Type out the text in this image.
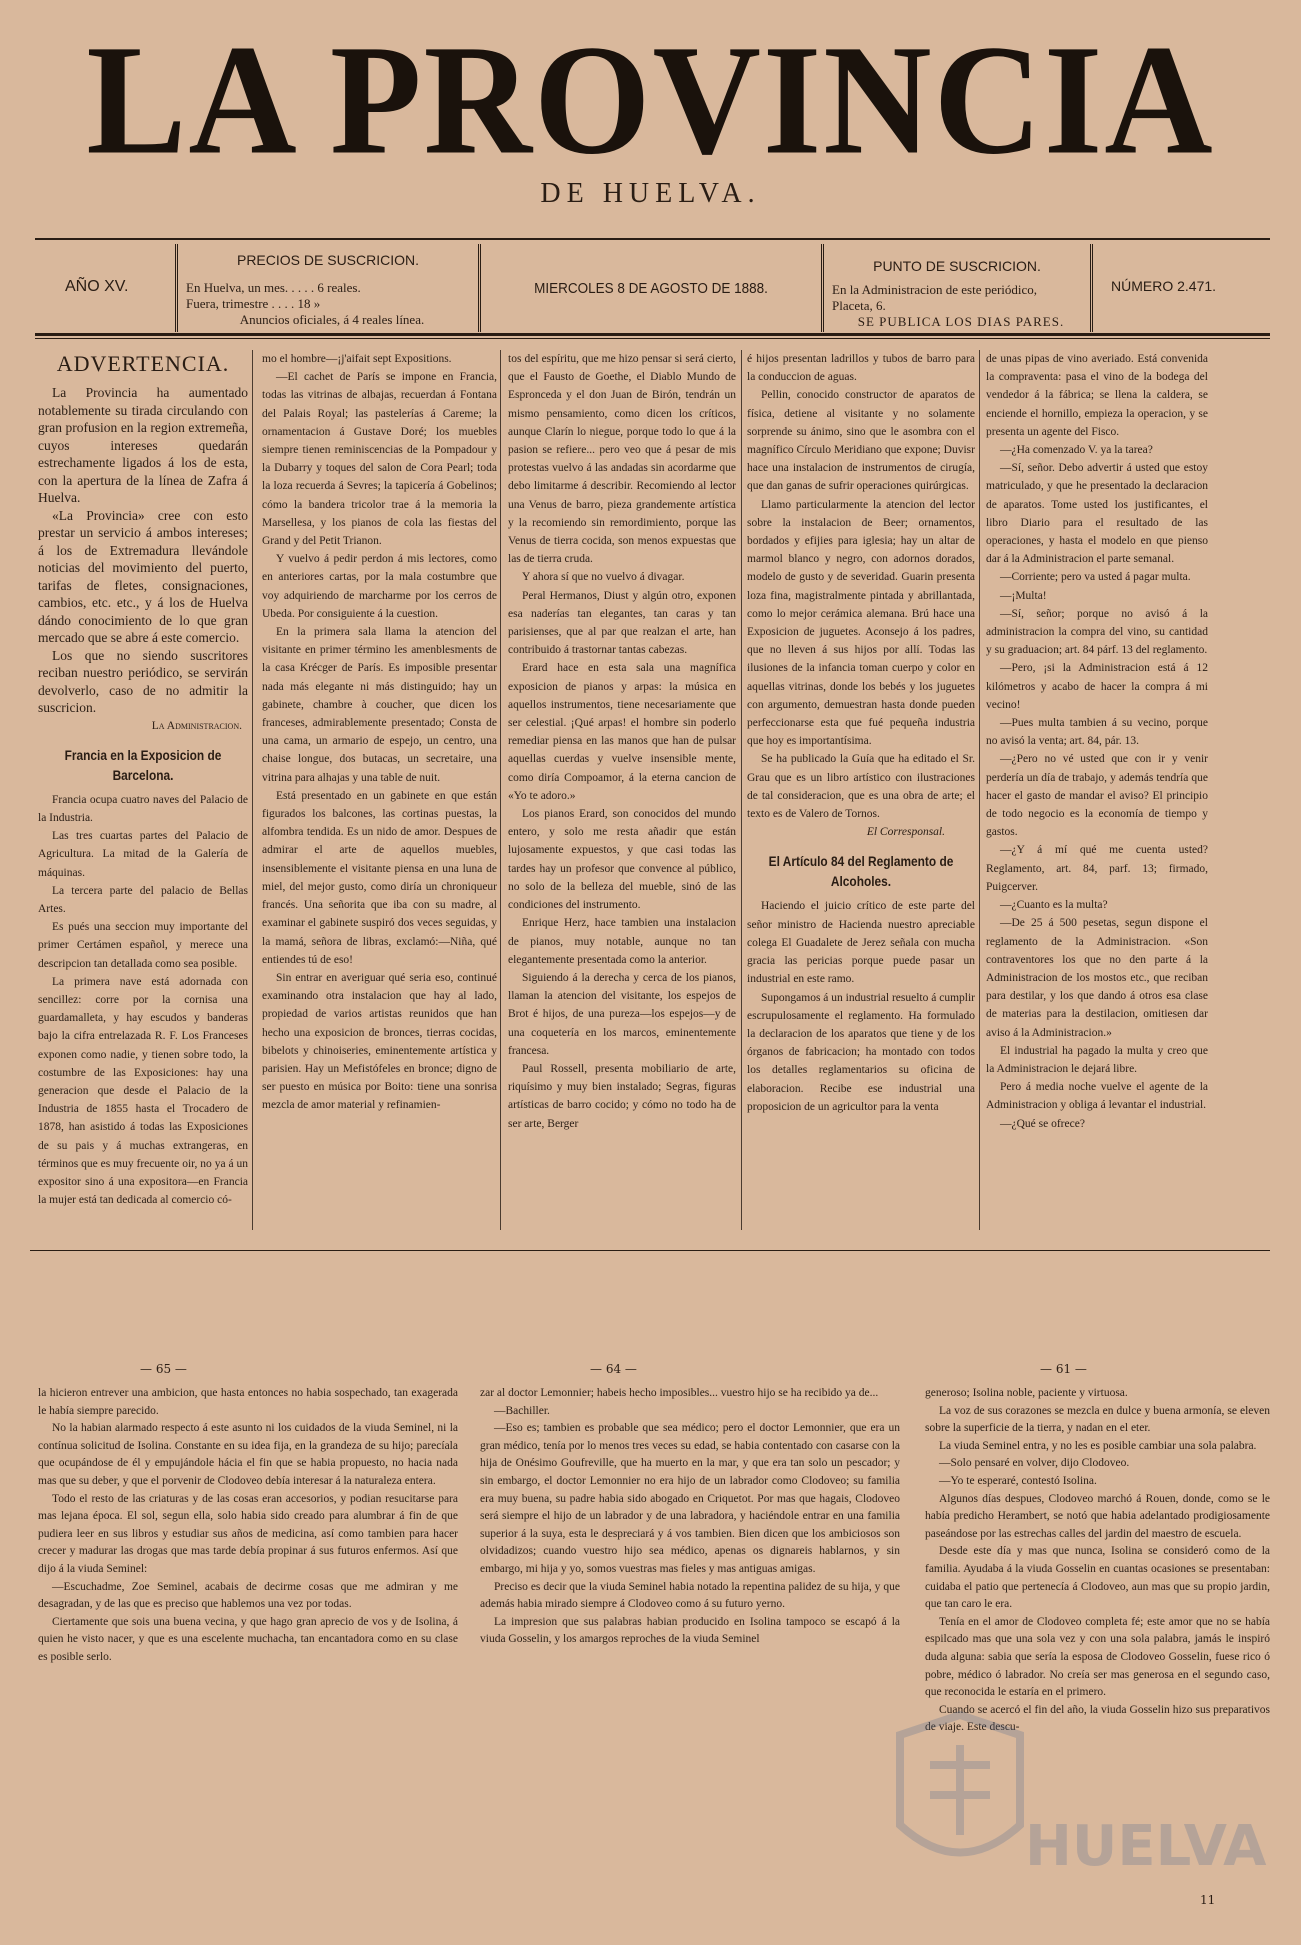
LA PROVINCIA
DE HUELVA.
AÑO XV.
PRECIOS DE SUSCRICION.
En Huelva, un mes. . . . . 6 reales.
Fuera, trimestre . . . . 18 »
Anuncios oficiales, á 4 reales línea.
MIERCOLES 8 DE AGOSTO DE 1888.
PUNTO DE SUSCRICION.
En la Administracion de este periódico,
Placeta, 6.
SE PUBLICA LOS DIAS PARES.
NÚMERO 2.471.
ADVERTENCIA.

La Provincia ha aumentado notablemente su tirada circulando con gran profusion en la region extremeña, cuyos intereses quedarán estrechamente ligados á los de esta, con la apertura de la línea de Zafra á Huelva.

«La Provincia» cree con esto prestar un servicio á ambos intereses; á los de Extremadura llevándole noticias del movimiento del puerto, tarifas de fletes, consignaciones, cambios, etc. etc., y á los de Huelva dándo conocimiento de lo que gran mercado que se abre á este comercio.

Los que no siendo suscritores reciban nuestro periódico, se servirán devolverlo, caso de no admitir la suscricion.

La Administracion.
Francia en la Exposicion de Barcelona.

Francia ocupa cuatro naves del Palacio de la Industria.

Las tres cuartas partes del Palacio de Agricultura. La mitad de la Galería de máquinas.

La tercera parte del palacio de Bellas Artes.

Es pués una seccion muy importante del primer Certámen español, y merece una descripcion tan detallada como sea posible.

La primera nave está adornada con sencillez: corre por la cornisa una guardamalleta, y hay escudos y banderas bajo la cifra entrelazada R. F. Los Franceses exponen como nadie, y tienen sobre todo, la costumbre de las Exposiciones: hay una generacion que desde el Palacio de la Industria de 1855 hasta el Trocadero de 1878, han asistido á todas las Exposiciones de su pais y á muchas extrangeras, en términos que es muy frecuente oir, no ya á un expositor sino á una expositora—en Francia la mujer está tan dedicada al comercio có-

mo el hombre—¡j'aifait sept Expositions.

—El cachet de París se impone en Francia, todas las vitrinas de albajas, recuerdan á Fontana del Palais Royal; las pastelerías á Careme; la ornamentacion á Gustave Doré; los muebles siempre tienen reminiscencias de la Pompadour y la Dubarry y toques del salon de Cora Pearl; toda la loza recuerda á Sevres; la tapicería á Gobelinos; cómo la bandera tricolor trae á la memoria la Marsellesa, y los pianos de cola las fiestas del Grand y del Petit Trianon.

Y vuelvo á pedir perdon á mis lectores, como en anteriores cartas, por la mala costumbre que voy adquiriendo de marcharme por los cerros de Ubeda. Por consiguiente á la cuestion.

En la primera sala llama la atencion del visitante en primer término les amenblesments de la casa Krécger de París. Es imposible presentar nada más elegante ni más distinguido; hay un gabinete, chambre à coucher, que dicen los franceses, admirablemente presentado; Consta de una cama, un armario de espejo, un centro, una chaise longue, dos butacas, un secretaire, una vitrina para alhajas y una table de nuit.

Está presentado en un gabinete en que están figurados los balcones, las cortinas puestas, la alfombra tendida. Es un nido de amor. Despues de admirar el arte de aquellos muebles, insensiblemente el visitante piensa en una luna de miel, del mejor gusto, como diría un chroniqueur francés. Una señorita que iba con su madre, al examinar el gabinete suspiró dos veces seguidas, y la mamá, señora de libras, exclamó:—Niña, qué entiendes tú de eso!

Sin entrar en averiguar qué seria eso, continué examinando otra instalacion que hay al lado, propiedad de varios artistas reunidos que han hecho una exposicion de bronces, tierras cocidas, bibelots y chinoiseries, eminentemente artística y parisien. Hay un Mefistófeles en bronce; digno de ser puesto en música por Boito: tiene una sonrisa mezcla de amor material y refinamien-

tos del espíritu, que me hizo pensar si será cierto, que el Fausto de Goethe, el Diablo Mundo de Espronceda y el don Juan de Birón, tendrán un mismo pensamiento, como dicen los críticos, aunque Clarín lo niegue, porque todo lo que á la pasion se refiere... pero veo que á pesar de mis protestas vuelvo á las andadas sin acordarme que debo limitarme á describir. Recomiendo al lector una Venus de barro, pieza grandemente artística y la recomiendo sin remordimiento, porque las Venus de tierra cocida, son menos expuestas que las de tierra cruda.

Y ahora sí que no vuelvo á divagar.

Peral Hermanos, Diust y algún otro, exponen esa naderías tan elegantes, tan caras y tan parisienses, que al par que realzan el arte, han contribuido á trastornar tantas cabezas.

Erard hace en esta sala una magnífica exposicion de pianos y arpas: la música en aquellos instrumentos, tiene necesariamente que ser celestial. ¡Qué arpas! el hombre sin poderlo remediar piensa en las manos que han de pulsar aquellas cuerdas y vuelve insensible mente, como diría Compoamor, á la eterna cancion de «Yo te adoro.»

Los pianos Erard, son conocidos del mundo entero, y solo me resta añadir que están lujosamente expuestos, y que casi todas las tardes hay un profesor que convence al público, no solo de la belleza del mueble, sinó de las condiciones del instrumento.

Enrique Herz, hace tambien una instalacion de pianos, muy notable, aunque no tan elegantemente presentada como la anterior.

Siguiendo á la derecha y cerca de los pianos, llaman la atencion del visitante, los espejos de Brot é hijos, de una pureza—los espejos—y de una coquetería en los marcos, eminentemente francesa.

Paul Rossell, presenta mobiliario de arte, riquísimo y muy bien instalado; Segras, figuras artísticas de barro cocido; y cómo no todo ha de ser arte, Berger

é hijos presentan ladrillos y tubos de barro para la conduccion de aguas.

Pellin, conocido constructor de aparatos de física, detiene al visitante y no solamente sorprende su ánimo, sino que le asombra con el magnífico Círculo Meridiano que expone; Duvisr hace una instalacion de instrumentos de cirugía, que dan ganas de sufrir operaciones quirúrgicas.

Llamo particularmente la atencion del lector sobre la instalacion de Beer; ornamentos, bordados y efijies para iglesia; hay un altar de marmol blanco y negro, con adornos dorados, modelo de gusto y de severidad. Guarin presenta loza fina, magistralmente pintada y abrillantada, como lo mejor cerámica alemana. Brú hace una Exposicion de juguetes. Aconsejo á los padres, que no lleven á sus hijos por allí. Todas las ilusiones de la infancia toman cuerpo y color en aquellas vitrinas, donde los bebés y los juguetes con argumento, demuestran hasta donde pueden perfeccionarse esta que fué pequeña industria que hoy es importantísima.

Se ha publicado la Guía que ha editado el Sr. Grau que es un libro artístico con ilustraciones de tal consideracion, que es una obra de arte; el texto es de Valero de Tornos.

El Corresponsal.
El Artículo 84 del Reglamento de Alcoholes.

Haciendo el juicio crítico de este parte del señor ministro de Hacienda nuestro apreciable colega El Guadalete de Jerez señala con mucha gracia las pericias porque puede pasar un industrial en este ramo.

Supongamos á un industrial resuelto á cumplir escrupulosamente el reglamento. Ha formulado la declaracion de los aparatos que tiene y de los órganos de fabricacion; ha montado con todos los detalles reglamentarios su oficina de elaboracion. Recibe ese industrial una proposicion de un agricultor para la venta

de unas pipas de vino averiado. Está convenida la compraventa: pasa el vino de la bodega del vendedor á la fábrica; se llena la caldera, se enciende el hornillo, empieza la operacion, y se presenta un agente del Fisco.

—¿Ha comenzado V. ya la tarea?

—Sí, señor. Debo advertir á usted que estoy matriculado, y que he presentado la declaracion de aparatos. Tome usted los justificantes, el libro Diario para el resultado de las operaciones, y hasta el modelo en que pienso dar á la Administracion el parte semanal.

—Corriente; pero va usted á pagar multa.

—¡Multa!

—Sí, señor; porque no avisó á la administracion la compra del vino, su cantidad y su graduacion; art. 84 párf. 13 del reglamento.

—Pero, ¡si la Administracion está á 12 kilómetros y acabo de hacer la compra á mi vecino!

—Pues multa tambien á su vecino, porque no avisó la venta; art. 84, pár. 13.

—¿Pero no vé usted que con ir y venir perdería un día de trabajo, y además tendría que hacer el gasto de mandar el aviso? El principio de todo negocio es la economía de tiempo y gastos.

—¿Y á mí qué me cuenta usted? Reglamento, art. 84, parf. 13; firmado, Puigcerver.

—¿Cuanto es la multa?

—De 25 á 500 pesetas, segun dispone el reglamento de la Administracion. «Son contraventores los que no den parte á la Administracion de los mostos etc., que reciban para destilar, y los que dando á otros esa clase de materias para la destilacion, omitiesen dar aviso á la Administracion.»

El industrial ha pagado la multa y creo que la Administracion le dejará libre.

Pero á media noche vuelve el agente de la Administracion y obliga á levantar el industrial.

—¿Qué se ofrece?

— 65 —

la hicieron entrever una ambicion, que hasta entonces no habia sospechado, tan exagerada le había siempre parecido.

No la habian alarmado respecto á este asunto ni los cuidados de la viuda Seminel, ni la contínua solicitud de Isolina. Constante en su idea fija, en la grandeza de su hijo; parecíala que ocupándose de él y empujándole hácia el fin que se habia propuesto, no hacia nada mas que su deber, y que el porvenir de Clodoveo debía interesar á la naturaleza entera.

Todo el resto de las criaturas y de las cosas eran accesorios, y podian resucitarse para mas lejana época. El sol, segun ella, solo habia sido creado para alumbrar á fin de que pudiera leer en sus libros y estudiar sus años de medicina, así como tambien para hacer crecer y madurar las drogas que mas tarde debía propinar á sus futuros enfermos. Así que dijo á la viuda Seminel:

—Escuchadme, Zoe Seminel, acabais de decirme cosas que me admiran y me desagradan, y de las que es preciso que hablemos una vez por todas.

Ciertamente que sois una buena vecina, y que hago gran aprecio de vos y de Isolina, á quien he visto nacer, y que es una escelente muchacha, tan encantadora como en su clase es posible serlo.

— 64 —

zar al doctor Lemonnier; habeis hecho imposibles... vuestro hijo se ha recibido ya de...

—Bachiller.

—Eso es; tambien es probable que sea médico; pero el doctor Lemonnier, que era un gran médico, tenía por lo menos tres veces su edad, se habia contentado con casarse con la hija de Onésimo Goufreville, que ha muerto en la mar, y que era tan solo un pescador; y sin embargo, el doctor Lemonnier no era hijo de un labrador como Clodoveo; su familia era muy buena, su padre habia sido abogado en Criquetot. Por mas que hagais, Clodoveo será siempre el hijo de un labrador y de una labradora, y haciéndole entrar en una familia superior á la suya, esta le despreciará y á vos tambien. Bien dicen que los ambiciosos son olvidadizos; cuando vuestro hijo sea médico, apenas os dignareis hablarnos, y sin embargo, mi hija y yo, somos vuestras mas fieles y mas antiguas amigas.

Preciso es decir que la viuda Seminel habia notado la repentina palidez de su hija, y que además habia mirado siempre á Clodoveo como á su futuro yerno.

La impresion que sus palabras habian producido en Isolina tampoco se escapó á la viuda Gosselin, y los amargos reproches de la viuda Seminel

— 61 —

generoso; Isolina noble, paciente y virtuosa.

La voz de sus corazones se mezcla en dulce y buena armonía, se eleven sobre la superficie de la tierra, y nadan en el eter.

La viuda Seminel entra, y no les es posible cambiar una sola palabra.

—Solo pensaré en volver, dijo Clodoveo.

—Yo te esperaré, contestó Isolina.

Algunos días despues, Clodoveo marchó á Rouen, donde, como se le había predicho Herambert, se notó que habia adelantado prodigiosamente paseándose por las estrechas calles del jardin del maestro de escuela.

Desde este día y mas que nunca, Isolina se consideró como de la familia. Ayudaba á la viuda Gosselin en cuantas ocasiones se presentaban: cuidaba el patio que pertenecía á Clodoveo, aun mas que su propio jardin, que tan caro le era.

Tenía en el amor de Clodoveo completa fé; este amor que no se había espilcado mas que una sola vez y con una sola palabra, jamás le inspiró duda alguna: sabia que sería la esposa de Clodoveo Gosselin, fuese rico ó pobre, médico ó labrador. No creía ser mas generosa en el segundo caso, que reconocida le estaría en el primero.

Cuando se acercó el fin del año, la viuda Gosselin hizo sus preparativos de viaje. Este descu-

11
HUELVA
